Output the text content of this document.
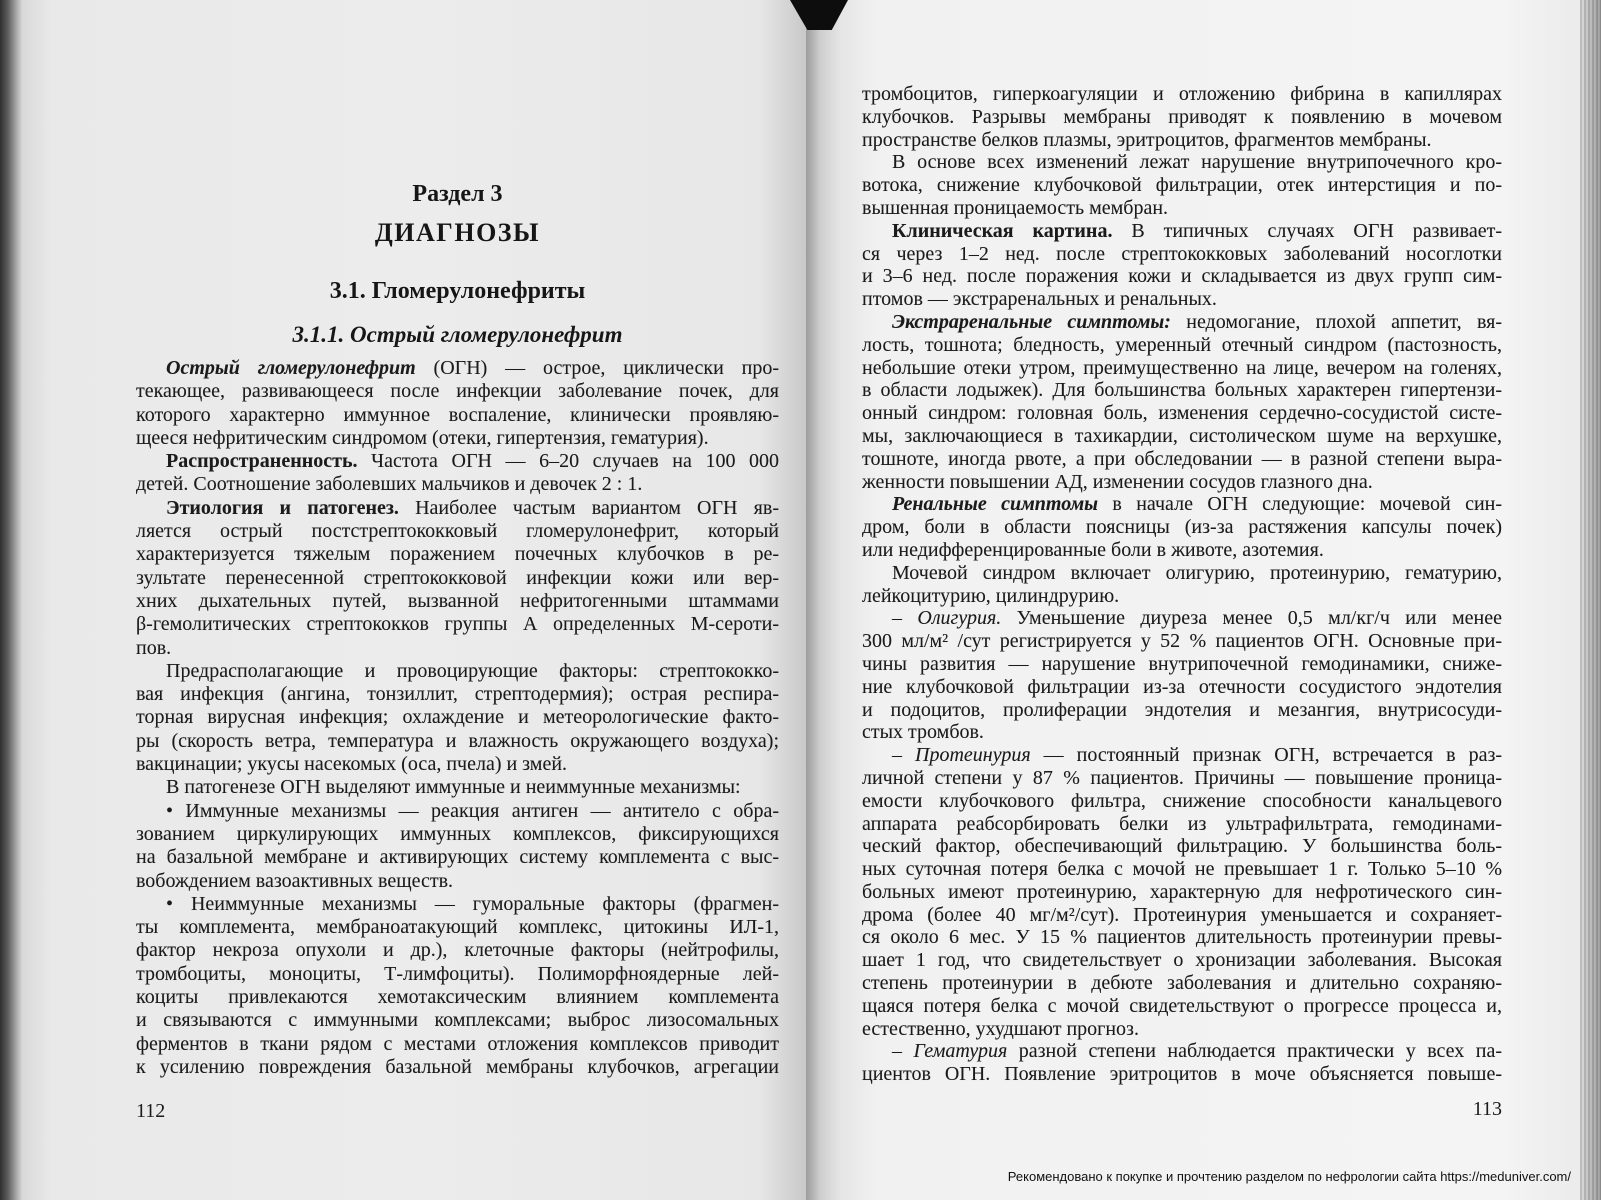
Раздел 3
ДИАГНОЗЫ
3.1. Гломерулонефриты
3.1.1. Острый гломерулонефрит
Острый гломерулонефрит (ОГН) — острое, циклически про-
текающее, развивающееся после инфекции заболевание почек, для
которого характерно иммунное воспаление, клинически проявляю-
щееся нефритическим синдромом (отеки, гипертензия, гематурия).
Распространенность. Частота ОГН — 6–20 случаев на 100 000
детей. Соотношение заболевших мальчиков и девочек 2 : 1.
Этиология и патогенез. Наиболее частым вариантом ОГН яв-
ляется острый постстрептококковый гломерулонефрит, который
характеризуется тяжелым поражением почечных клубочков в ре-
зультате перенесенной стрептококковой инфекции кожи или вер-
хних дыхательных путей, вызванной нефритогенными штаммами
β-гемолитических стрептококков группы А определенных М-сероти-
пов.
Предрасполагающие и провоцирующие факторы: стрептококко-
вая инфекция (ангина, тонзиллит, стрептодермия); острая респира-
торная вирусная инфекция; охлаждение и метеорологические факто-
ры (скорость ветра, температура и влажность окружающего воздуха);
вакцинации; укусы насекомых (оса, пчела) и змей.
В патогенезе ОГН выделяют иммунные и неиммунные механизмы:
• Иммунные механизмы — реакция антиген — антитело с обра-
зованием циркулирующих иммунных комплексов, фиксирующихся
на базальной мембране и активирующих систему комплемента с выс-
вобождением вазоактивных веществ.
• Неиммунные механизмы — гуморальные факторы (фрагмен-
ты комплемента, мембраноатакующий комплекс, цитокины ИЛ-1,
фактор некроза опухоли и др.), клеточные факторы (нейтрофилы,
тромбоциты, моноциты, Т-лимфоциты). Полиморфноядерные лей-
коциты привлекаются хемотаксическим влиянием комплемента
и связываются с иммунными комплексами; выброс лизосомальных
ферментов в ткани рядом с местами отложения комплексов приводит
к усилению повреждения базальной мембраны клубочков, агрегации
112
тромбоцитов, гиперкоагуляции и отложению фибрина в капиллярах
клубочков. Разрывы мембраны приводят к появлению в мочевом
пространстве белков плазмы, эритроцитов, фрагментов мембраны.
В основе всех изменений лежат нарушение внутрипочечного кро-
вотока, снижение клубочковой фильтрации, отек интерстиция и по-
вышенная проницаемость мембран.
Клиническая картина. В типичных случаях ОГН развивает-
ся через 1–2 нед. после стрептококковых заболеваний носоглотки
и 3–6 нед. после поражения кожи и складывается из двух групп сим-
птомов — экстраренальных и ренальных.
Экстраренальные симптомы: недомогание, плохой аппетит, вя-
лость, тошнота; бледность, умеренный отечный синдром (пастозность,
небольшие отеки утром, преимущественно на лице, вечером на голенях,
в области лодыжек). Для большинства больных характерен гипертензи-
онный синдром: головная боль, изменения сердечно-сосудистой систе-
мы, заключающиеся в тахикардии, систолическом шуме на верхушке,
тошноте, иногда рвоте, а при обследовании — в разной степени выра-
женности повышении АД, изменении сосудов глазного дна.
Ренальные симптомы в начале ОГН следующие: мочевой син-
дром, боли в области поясницы (из-за растяжения капсулы почек)
или недифференцированные боли в животе, азотемия.
Мочевой синдром включает олигурию, протеинурию, гематурию,
лейкоцитурию, цилиндрурию.
– Олигурия. Уменьшение диуреза менее 0,5 мл/кг/ч или менее
300 мл/м² /сут регистрируется у 52 % пациентов ОГН. Основные при-
чины развития — нарушение внутрипочечной гемодинамики, сниже-
ние клубочковой фильтрации из-за отечности сосудистого эндотелия
и подоцитов, пролиферации эндотелия и мезангия, внутрисосуди-
стых тромбов.
– Протеинурия — постоянный признак ОГН, встречается в раз-
личной степени у 87 % пациентов. Причины — повышение проница-
емости клубочкового фильтра, снижение способности канальцевого
аппарата реабсорбировать белки из ультрафильтрата, гемодинами-
ческий фактор, обеспечивающий фильтрацию. У большинства боль-
ных суточная потеря белка с мочой не превышает 1 г. Только 5–10 %
больных имеют протеинурию, характерную для нефротического син-
дрома (более 40 мг/м²/сут). Протеинурия уменьшается и сохраняет-
ся около 6 мес. У 15 % пациентов длительность протеинурии превы-
шает 1 год, что свидетельствует о хронизации заболевания. Высокая
степень протеинурии в дебюте заболевания и длительно сохраняю-
щаяся потеря белка с мочой свидетельствуют о прогрессе процесса и,
естественно, ухудшают прогноз.
– Гематурия разной степени наблюдается практически у всех па-
циентов ОГН. Появление эритроцитов в моче объясняется повыше-
113
Рекомендовано к покупке и прочтению разделом по нефрологии сайта https://meduniver.com/
